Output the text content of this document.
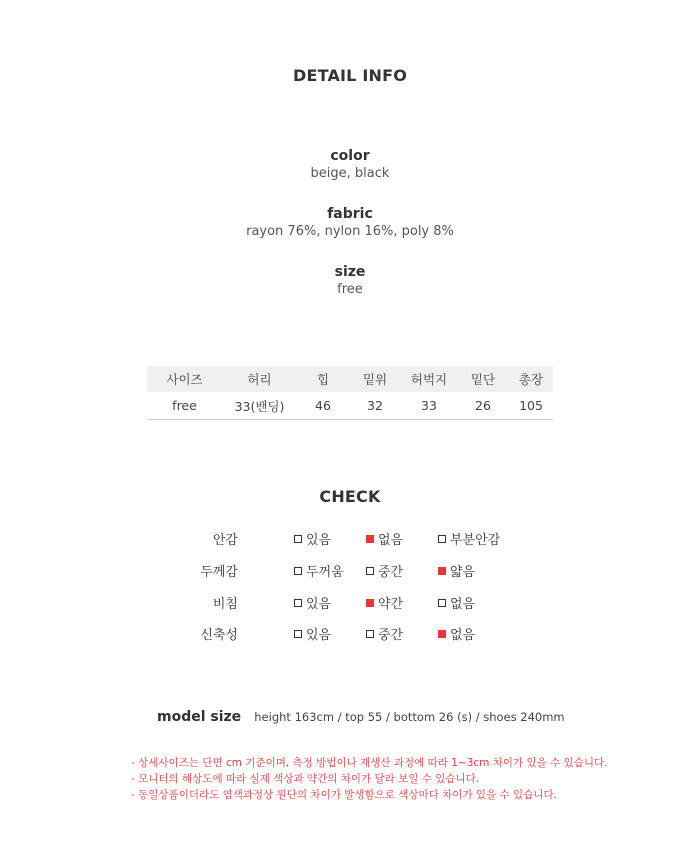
DETAIL INFO
color
beige, black
fabric
rayon 76%, nylon 16%, poly 8%
size
free
사이즈	허리	힙	밑위	허벅지	밑단	총장
free	33(밴딩)	46	32	33	26	105
CHECK
안감	있음	없음	부분안감
두께감	두꺼움	중간	얇음
비침	있음	약간	없음
신축성	있음	중간	없음
model size height 163cm / top 55 / bottom 26 (s) / shoes 240mm
- 상세사이즈는 단면 cm 기준이며, 측정 방법이나 재생산 과정에 따라 1~3cm 차이가 있을 수 있습니다.
- 모니터의 해상도에 따라 실제 색상과 약간의 차이가 달라 보일 수 있습니다.
- 동일상품이더라도 염색과정상 원단의 차이가 발생함으로 색상마다 차이가 있을 수 있습니다.
